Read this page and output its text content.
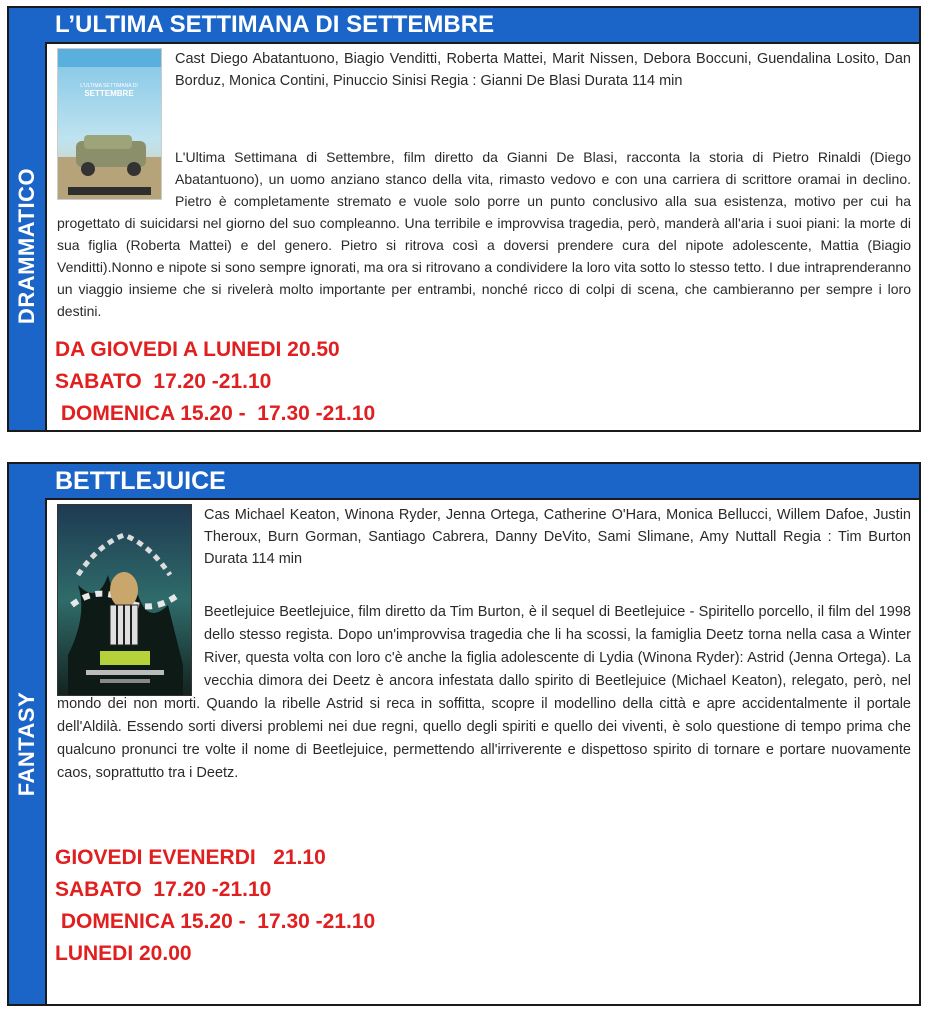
DRAMMATICO
L’ULTIMA SETTIMANA DI SETTEMBRE
L'ULTIMA SETTIMANA DI
SETTEMBRE
Cast Diego Abatantuono, Biagio Venditti, Roberta Mattei, Marit Nissen, Debora Boccuni, Guendalina Losito, Dan Borduz, Monica Contini, Pinuccio Sinisi Regia : Gianni De Blasi Durata 114 min
L'Ultima Settimana di Settembre, film diretto da Gianni De Blasi, racconta la storia di Pietro Rinaldi (Diego Abatantuono), un uomo anziano stanco della vita, rimasto vedovo e con una carriera di scrittore oramai in declino. Pietro è completamente stremato e vuole solo porre un punto conclusivo alla sua esistenza, motivo per cui ha progettato di suicidarsi nel giorno del suo compleanno. Una terribile e improvvisa tragedia, però, manderà all'aria i suoi piani: la morte di sua figlia (Roberta Mattei) e del genero. Pietro si ritrova così a doversi prendere cura del nipote adolescente, Mattia (Biagio Venditti).Nonno e nipote si sono sempre ignorati, ma ora si ritrovano a condividere la loro vita sotto lo stesso tetto. I due intraprenderanno un viaggio insieme che si rivelerà molto importante per entrambi, nonché ricco di colpi di scena, che cambieranno per sempre i loro destini.
DA GIOVEDI A LUNEDI 20.50
SABATO  17.20 -21.10
DOMENICA 15.20 -  17.30 -21.10
FANTASY
BETTLEJUICE
Cas Michael Keaton, Winona Ryder, Jenna Ortega, Catherine O'Hara, Monica Bellucci, Willem Dafoe, Justin Theroux, Burn Gorman, Santiago Cabrera, Danny DeVito, Sami Slimane, Amy Nuttall Regia : Tim Burton Durata 114 min
Beetlejuice Beetlejuice, film diretto da Tim Burton, è il sequel di Beetlejuice - Spiritello porcello, il film del 1998 dello stesso regista. Dopo un'improvvisa tragedia che li ha scossi, la famiglia Deetz torna nella casa a Winter River, questa volta con loro c'è anche la figlia adolescente di Lydia (Winona Ryder): Astrid (Jenna Ortega). La vecchia dimora dei Deetz è ancora infestata dallo spirito di Beetlejuice (Michael Keaton), relegato, però, nel mondo dei non morti. Quando la ribelle Astrid si reca in soffitta, scopre il modellino della città e apre accidentalmente il portale dell'Aldilà. Essendo sorti diversi problemi nei due regni, quello degli spiriti e quello dei viventi, è solo questione di tempo prima che qualcuno pronunci tre volte il nome di Beetlejuice, permettendo all'irriverente e dispettoso spirito di tornare e portare nuovamente caos, soprattutto tra i Deetz.
GIOVEDI EVENERDI   21.10
SABATO  17.20 -21.10
DOMENICA 15.20 -  17.30 -21.10
LUNEDI 20.00
